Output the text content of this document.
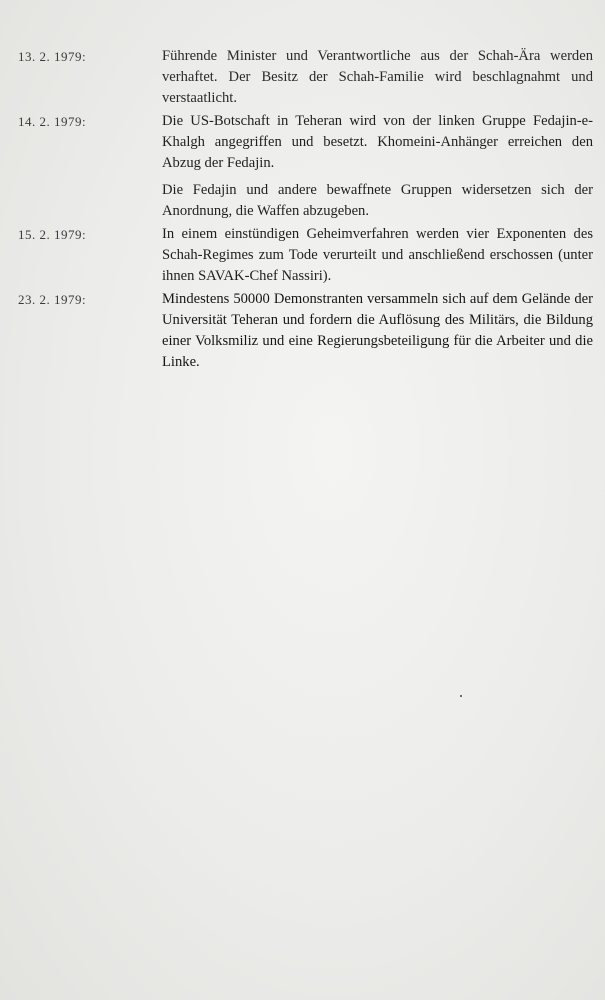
13. 2. 1979:	Führende Minister und Verantwortliche aus der Schah-Ära werden verhaftet. Der Besitz der Schah-Familie wird beschlagnahmt und verstaatlicht.

14. 2. 1979:	Die US-Botschaft in Teheran wird von der linken Gruppe Fedajin-e-Khalgh angegriffen und besetzt. Khomeini-Anhänger erreichen den Abzug der Fedajin.

Die Fedajin und andere bewaffnete Gruppen widersetzen sich der Anordnung, die Waffen abzugeben.

15. 2. 1979:	In einem einstündigen Geheimverfahren werden vier Exponenten des Schah-Regimes zum Tode verurteilt und anschließend erschossen (unter ihnen SAVAK-Chef Nassiri).

23. 2. 1979:	Mindestens 50000 Demonstranten versammeln sich auf dem Gelände der Universität Teheran und fordern die Auflösung des Militärs, die Bildung einer Volksmiliz und eine Regierungsbeteiligung für die Arbeiter und die Linke.
